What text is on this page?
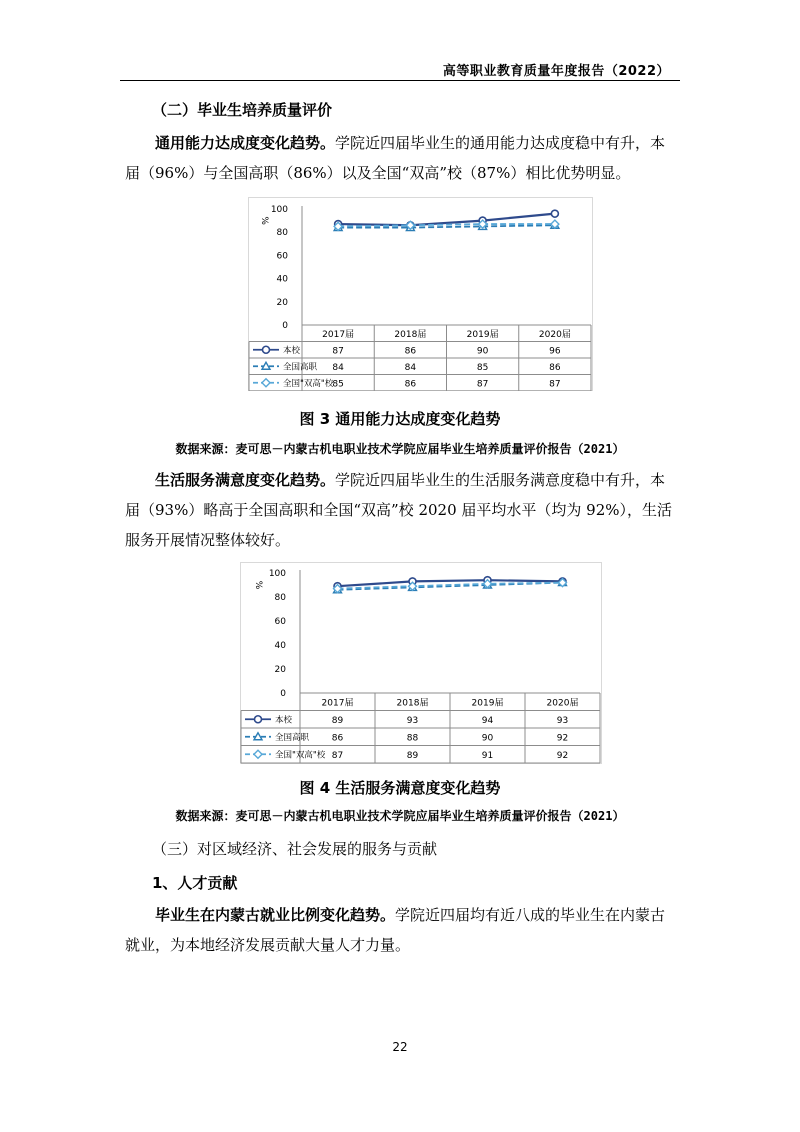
高等职业教育质量年度报告（2022）
（二）毕业生培养质量评价
通用能力达成度变化趋势。学院近四届毕业生的通用能力达成度稳中有升，本届（96%）与全国高职（86%）以及全国“双高”校（87%）相比优势明显。
%
0
20
40
60
80
100
2017届	2018届	2019届	2020届
本校	87	86	90	96
全国高职 84	84	85	86
全国"双高"校 85	86	87	87
图 3 通用能力达成度变化趋势
数据来源：麦可思－内蒙古机电职业技术学院应届毕业生培养质量评价报告（2021）
生活服务满意度变化趋势。学院近四届毕业生的生活服务满意度稳中有升，本届（93%）略高于全国高职和全国“双高”校 2020 届平均水平（均为 92%），生活服务开展情况整体较好。
%
0
20
40
60
80
100
2017届	2018届	2019届	2020届
本校	89	93	94	93
全国高职	86	88	90	92
全国"双高"校 87	89	91	92
图 4 生活服务满意度变化趋势
数据来源：麦可思－内蒙古机电职业技术学院应届毕业生培养质量评价报告（2021）
（三）对区域经济、社会发展的服务与贡献
1、人才贡献
毕业生在内蒙古就业比例变化趋势。学院近四届均有近八成的毕业生在内蒙古就业，为本地经济发展贡献大量人才力量。
22
